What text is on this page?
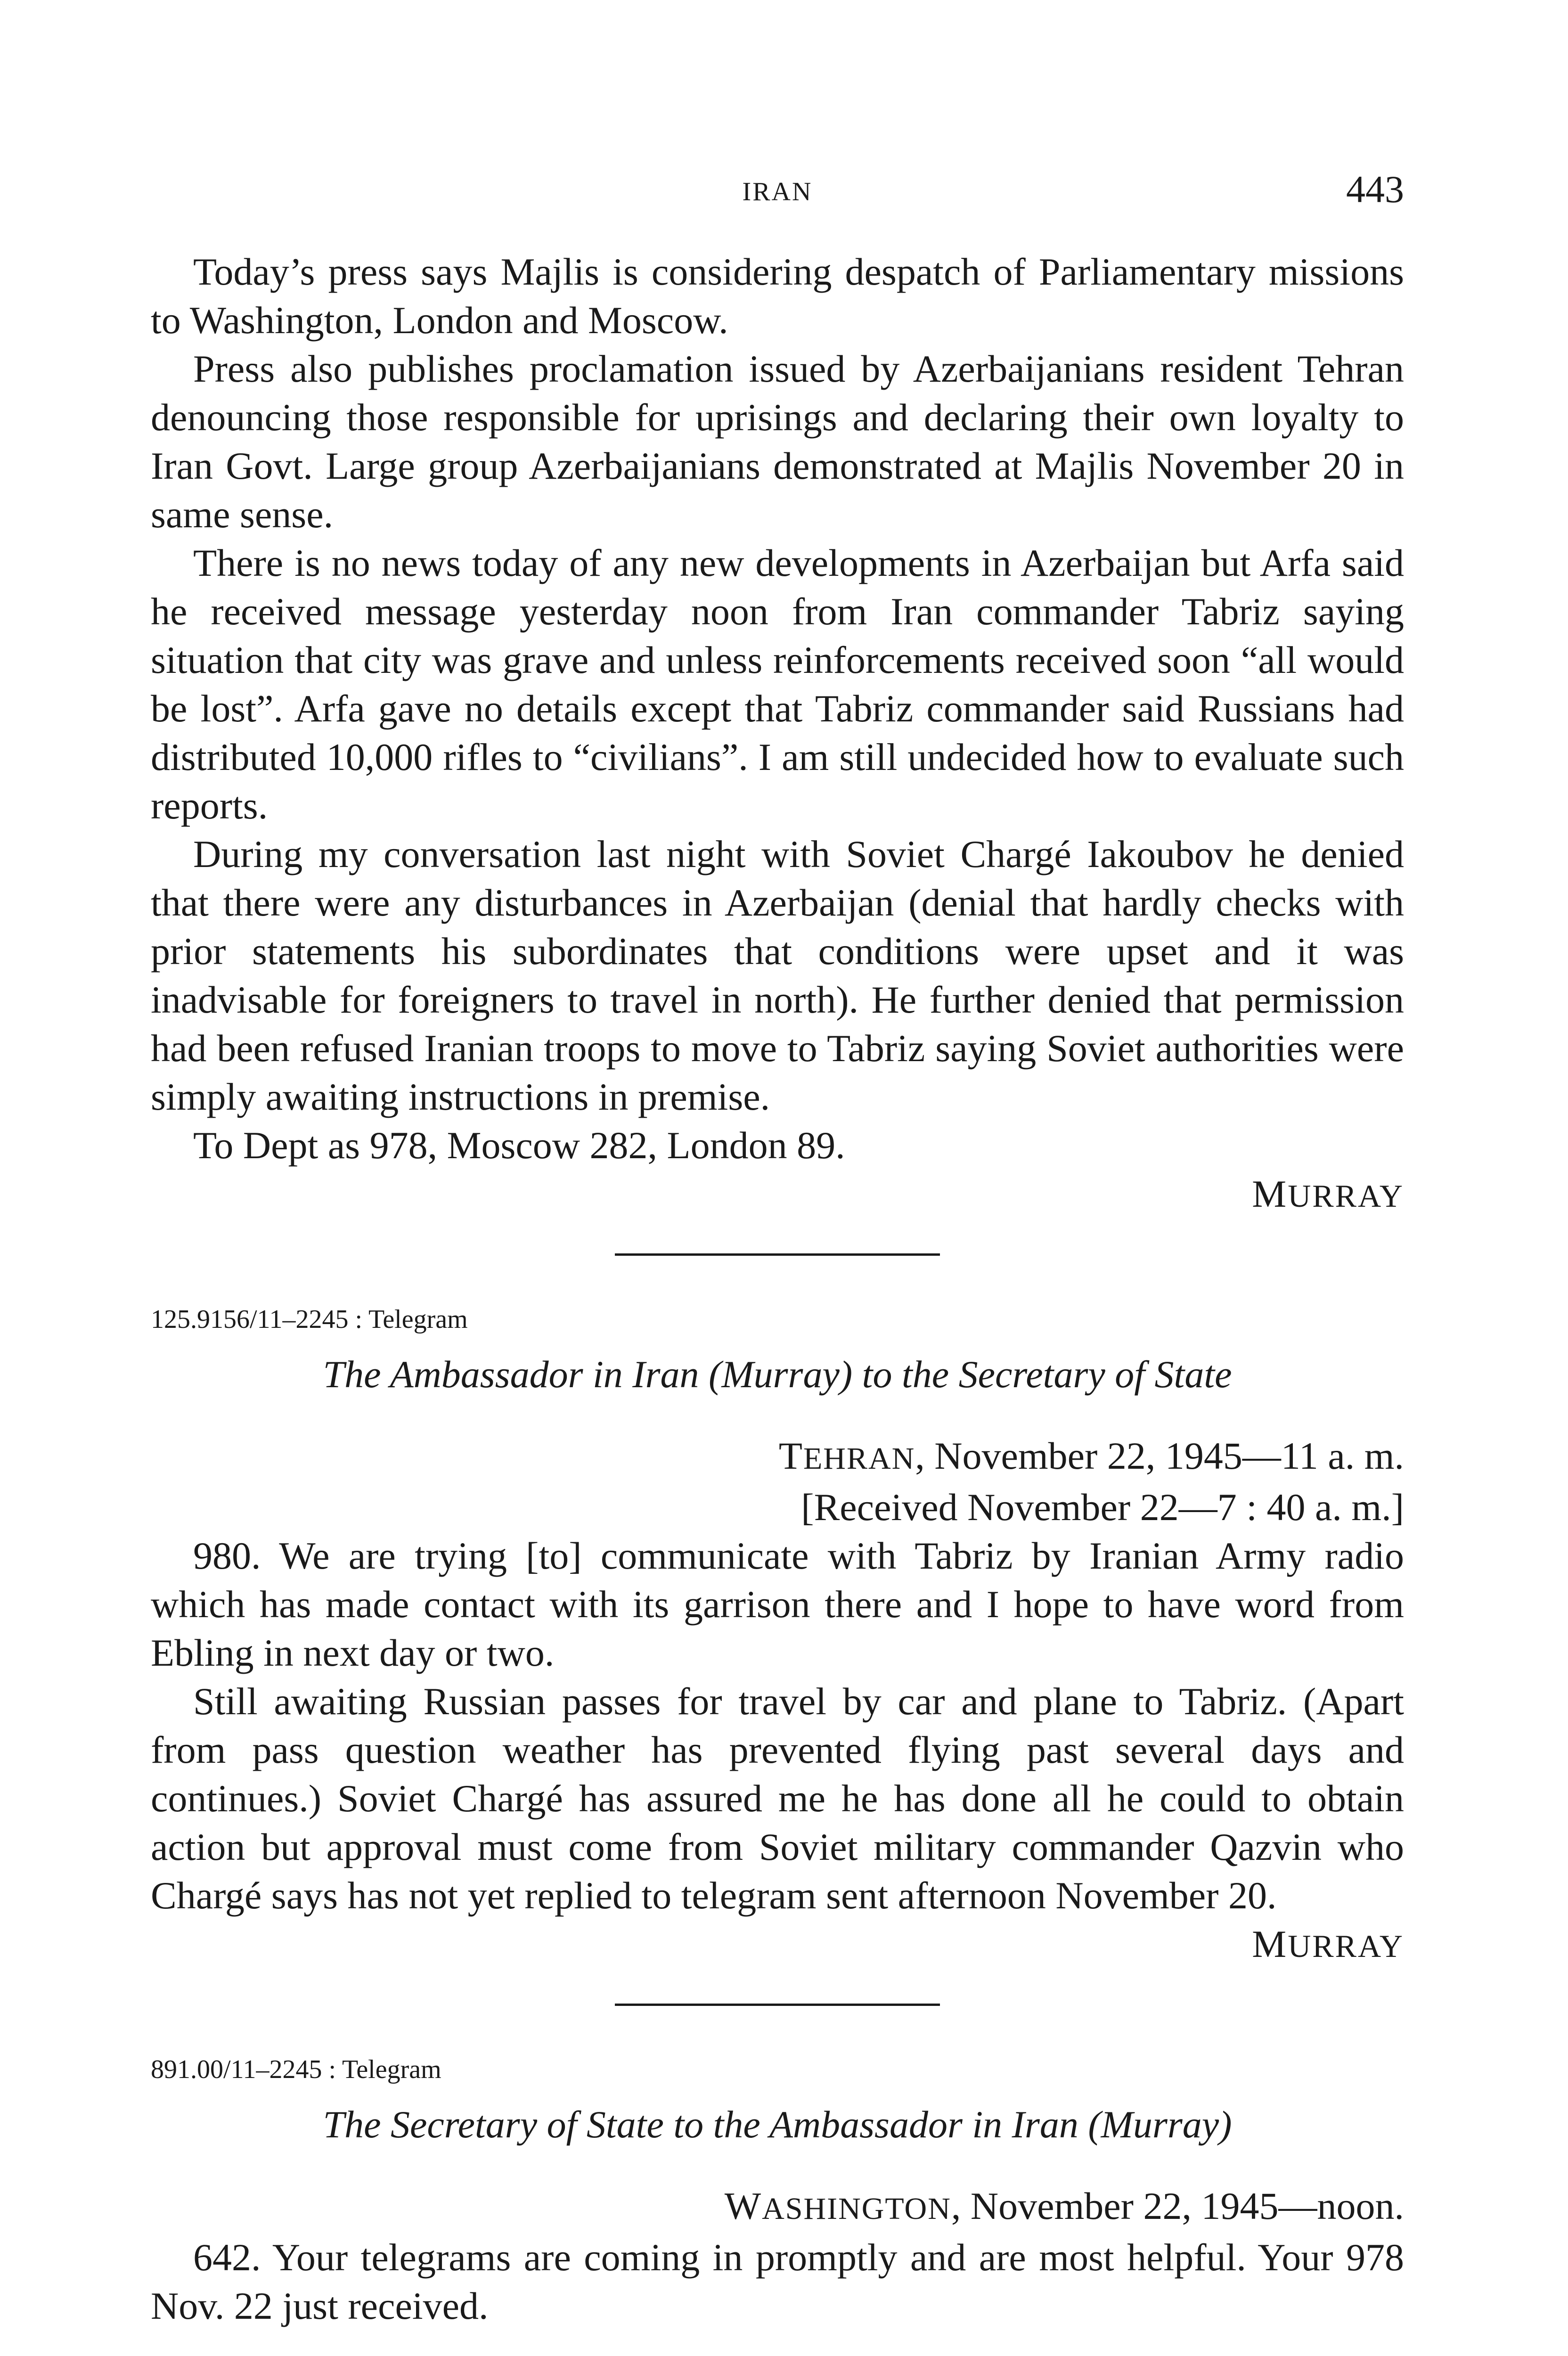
IRAN	443

Today’s press says Majlis is considering despatch of Parliamentary missions to Washington, London and Moscow.

Press also publishes proclamation issued by Azerbaijanians resident Tehran denouncing those responsible for uprisings and declaring their own loyalty to Iran Govt. Large group Azerbaijanians demonstrated at Majlis November 20 in same sense.

There is no news today of any new developments in Azerbaijan but Arfa said he received message yesterday noon from Iran commander Tabriz saying situation that city was grave and unless reinforcements received soon “all would be lost”. Arfa gave no details except that Tabriz commander said Russians had distributed 10,000 rifles to “civilians”. I am still undecided how to evaluate such reports.

During my conversation last night with Soviet Chargé Iakoubov he denied that there were any disturbances in Azerbaijan (denial that hardly checks with prior statements his subordinates that conditions were upset and it was inadvisable for foreigners to travel in north). He further denied that permission had been refused Iranian troops to move to Tabriz saying Soviet authorities were simply awaiting instructions in premise.

To Dept as 978, Moscow 282, London 89.

MURRAY
125.9156/11–2245 : Telegram
The Ambassador in Iran (Murray) to the Secretary of State
TEHRAN, November 22, 1945—11 a. m.
[Received November 22—7 : 40 a. m.]

980. We are trying [to] communicate with Tabriz by Iranian Army radio which has made contact with its garrison there and I hope to have word from Ebling in next day or two.

Still awaiting Russian passes for travel by car and plane to Tabriz. (Apart from pass question weather has prevented flying past several days and continues.) Soviet Chargé has assured me he has done all he could to obtain action but approval must come from Soviet military commander Qazvin who Chargé says has not yet replied to telegram sent afternoon November 20.

MURRAY
891.00/11–2245 : Telegram
The Secretary of State to the Ambassador in Iran (Murray)
WASHINGTON, November 22, 1945—noon.

642. Your telegrams are coming in promptly and are most helpful. Your 978 Nov. 22 just received.
